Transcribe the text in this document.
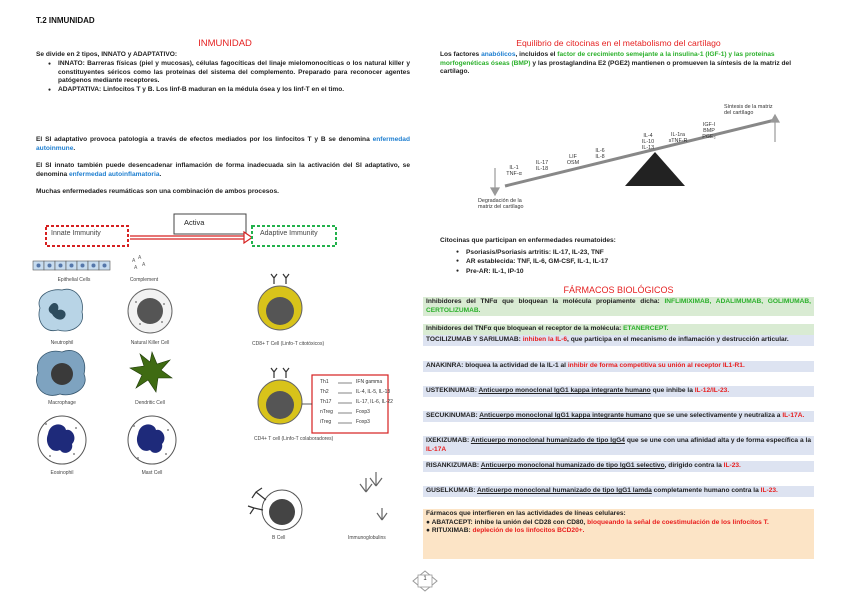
T.2 INMUNIDAD
INMUNIDAD
Se divide en 2 tipos, INNATO y ADAPTATIVO:
● INNATO: Barreras físicas (piel y mucosas), células fagocíticas del linaje mielomonocíticas o los natural killer y constituyentes séricos como las proteínas del sistema del complemento. Preparado para reconocer agentes patógenos mediante receptores.
● ADAPTATIVA: Linfocitos T y B. Los linf-B maduran en la médula ósea y los linf-T en el timo.
El SI adaptativo provoca patología a través de efectos mediados por los linfocitos T y B se denomina enfermedad autoinmune.
El SI innato también puede desencadenar inflamación de forma inadecuada sin la activación del SI adaptativo, se denomina enfermedad autoinflamatoria.
Muchas enfermedades reumáticas son una combinación de ambos procesos.
A A
A
A
Innate Immunity
Activa
Adaptive Immunity
Epithelial Cells	Complement
Neutrophil	Natural Killer Cell
Macrophage	Dendritic Cell
Eosinophil	Mast Cell
CD8+ T Cell (Linfo-T citotóxicos)
CD4+ T cell (Linfo-T colaboradores)
B Cell	Immunoglobulins
Th1	IFN gamma
Th2	IL-4, IL-5, IL-13
Th17	IL-17, IL-6, IL-22
nTreg	Foxp3
iTreg	Foxp3
Equilibrio de citocinas en el metabolismo del cartílago
Los factores anabólicos, incluidos el factor de crecimiento semejante a la insulina-1 (IGF-1) y las proteínas morfogenéticas óseas (BMP) y las prostaglandina E2 (PGE2) mantienen o promueven la síntesis de la matriz del cartílago.
IL-1
TNF-α
IL-17
IL-18
LIF
OSM
IL-6
IL-8
IL-4
IL-10
IL-13
IL-1ra
sTNF-R
IGF-I
BMP
PGE₂
Degradación de la matriz del cartílago
Síntesis de la matriz del cartílago
Citocinas que participan en enfermedades reumatoides:
● Psoriasis/Psoriasis artritis: IL-17, IL-23, TNF
● AR establecida: TNF, IL-6, GM-CSF, IL-1, IL-17
● Pre-AR: IL-1, IP-10
FÁRMACOS BIOLÓGICOS
Inhibidores del TNFα que bloquean la molécula propiamente dicha: INFLIMIXIMAB, ADALIMUMAB, GOLIMUMAB, CERTOLIZUMAB.
Inhibidores del TNFα que bloquean el receptor de la molécula: ETANERCEPT.
TOCILIZUMAB Y SARILUMAB: inhiben la IL-6, que participa en el mecanismo de inflamación y destrucción articular.
ANAKINRA: bloquea la actividad de la IL-1 al inhibir de forma competitiva su unión al receptor IL1-R1.
USTEKINUMAB: Anticuerpo monoclonal IgG1 kappa integrante humano que inhibe la IL-12/IL-23.
SECUKINUMAB: Anticuerpo monoclonal IgG1 kappa integrante humano que se une selectivamente y neutraliza a IL-17A.
IXEKIZUMAB: Anticuerpo monoclonal humanizado de tipo IgG4 que se une con una afinidad alta y de forma específica a la IL-17A
RISANKIZUMAB: Anticuerpo monoclonal humanizado de tipo IgG1 selectivo, dirigido contra la IL-23.
GUSELKUMAB: Anticuerpo monoclonal humanizado de tipo IgG1 lamda completamente humano contra la IL-23.
Fármacos que interfieren en las actividades de líneas celulares:
● ABATACEPT: inhibe la unión del CD28 con CD80, bloqueando la señal de coestimulación de los linfocitos T.
● RITUXIMAB: depleción de los linfocitos BCD20+.
1
